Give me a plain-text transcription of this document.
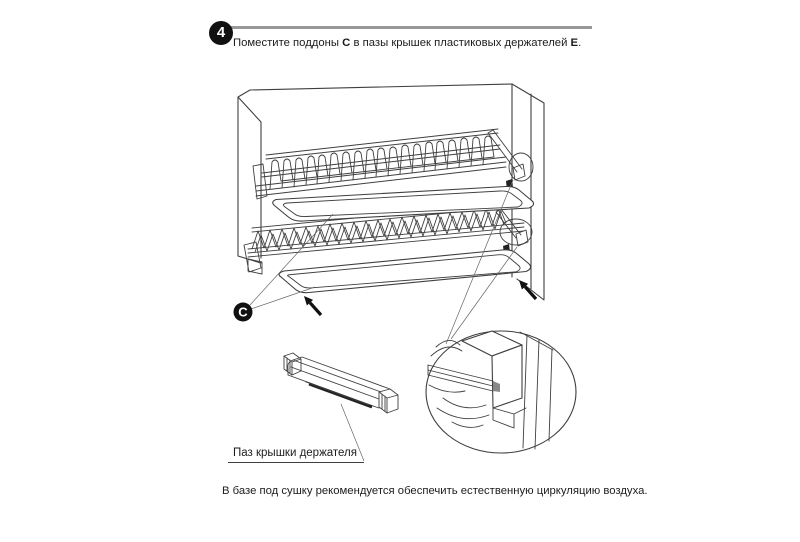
4
Поместите поддоны C в пазы крышек пластиковых держателей E.
C
Паз крышки держателя
В базе под сушку рекомендуется обеспечить естественную циркуляцию воздуха.
